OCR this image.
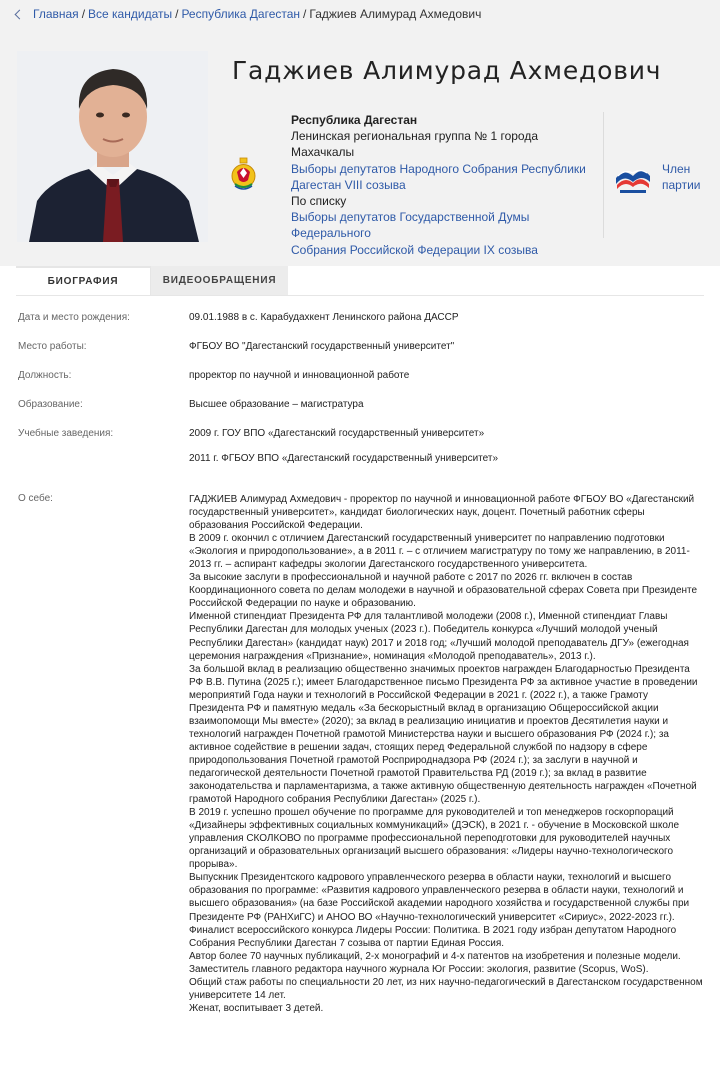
Главная / Все кандидаты / Республика Дагестан / Гаджиев Алимурад Ахмедович
Гаджиев Алимурад Ахмедович
Республика Дагестан
Ленинская региональная группа № 1 города
Махачкалы
Выборы депутатов Народного Собрания Республики
Дагестан VIII созыва
По списку
Выборы депутатов Государственной Думы Федерального
Собрания Российской Федерации IX созыва
Член
партии
БИОГРАФИЯ	ВИДЕООБРАЩЕНИЯ
Дата и место рождения:	09.01.1988 в с. Карабудахкент Ленинского района ДАССР
Место работы:	ФГБОУ ВО "Дагестанский государственный университет"
Должность:	проректор по научной и инновационной работе
Образование:	Высшее образование – магистратура
Учебные заведения:	2009 г. ГОУ ВПО «Дагестанский государственный университет»
2011 г. ФГБОУ ВПО «Дагестанский государственный университет»
О себе:	ГАДЖИЕВ Алимурад Ахмедович - проректор по научной и инновационной работе ФГБОУ ВО «Дагестанский государственный университет», кандидат биологических наук, доцент. Почетный работник сферы образования Российской Федерации.

В 2009 г. окончил с отличием Дагестанский государственный университет по направлению подготовки «Экология и природопользование», а в 2011 г. – с отличием магистратуру по тому же направлению, в 2011-2013 гг. – аспирант кафедры экологии Дагестанского государственного университета.

За высокие заслуги в профессиональной и научной работе с 2017 по 2026 гг. включен в состав Координационного совета по делам молодежи в научной и образовательной сферах Совета при Президенте Российской Федерации по науке и образованию.

Именной стипендиат Президента РФ для талантливой молодежи (2008 г.), Именной стипендиат Главы Республики Дагестан для молодых ученых (2023 г.). Победитель конкурса «Лучший молодой ученый Республики Дагестан» (кандидат наук) 2017 и 2018 год; «Лучший молодой преподаватель ДГУ» (ежегодная церемония награждения «Признание», номинация «Молодой преподаватель», 2013 г.).

За большой вклад в реализацию общественно значимых проектов награжден Благодарностью Президента РФ В.В. Путина (2025 г.); имеет Благодарственное письмо Президента РФ за активное участие в проведении мероприятий Года науки и технологий в Российской Федерации в 2021 г. (2022 г.), а также Грамоту Президента РФ и памятную медаль «За бескорыстный вклад в организацию Общероссийской акции взаимопомощи Мы вместе» (2020); за вклад в реализацию инициатив и проектов Десятилетия науки и технологий награжден Почетной грамотой Министерства науки и высшего образования РФ (2024 г.); за активное содействие в решении задач, стоящих перед Федеральной службой по надзору в сфере природопользования Почетной грамотой Росприроднадзора РФ (2024 г.); за заслуги в научной и педагогической деятельности Почетной грамотой Правительства РД (2019 г.); за вклад в развитие законодательства и парламентаризма, а также активную общественную деятельность награжден «Почетной грамотой Народного собрания Республики Дагестан» (2025 г.).

В 2019 г. успешно прошел обучение по программе для руководителей и топ менеджеров госкорпораций «Дизайнеры эффективных социальных коммуникаций» (ДЭСК), в 2021 г. - обучение в Московской школе управления СКОЛКОВО по программе профессиональной переподготовки для руководителей научных организаций и образовательных организаций высшего образования: «Лидеры научно-технологического прорыва».

Выпускник Президентского кадрового управленческого резерва в области науки, технологий и высшего образования по программе: «Развития кадрового управленческого резерва в области науки, технологий и высшего образования» (на базе Российской академии народного хозяйства и государственной службы при Президенте РФ (РАНХиГС) и АНОО ВО «Научно-технологический университет «Сириус», 2022-2023 гг.).

Финалист всероссийского конкурса Лидеры России: Политика. В 2021 году избран депутатом Народного Собрания Республики Дагестан 7 созыва от партии Единая Россия.

Автор более 70 научных публикаций, 2-х монографий и 4-х патентов на изобретения и полезные модели.

Заместитель главного редактора научного журнала Юг России: экология, развитие (Scopus, WoS).

Общий стаж работы по специальности 20 лет, из них научно-педагогический в Дагестанском государственном университете 14 лет.

Женат, воспитывает 3 детей.
